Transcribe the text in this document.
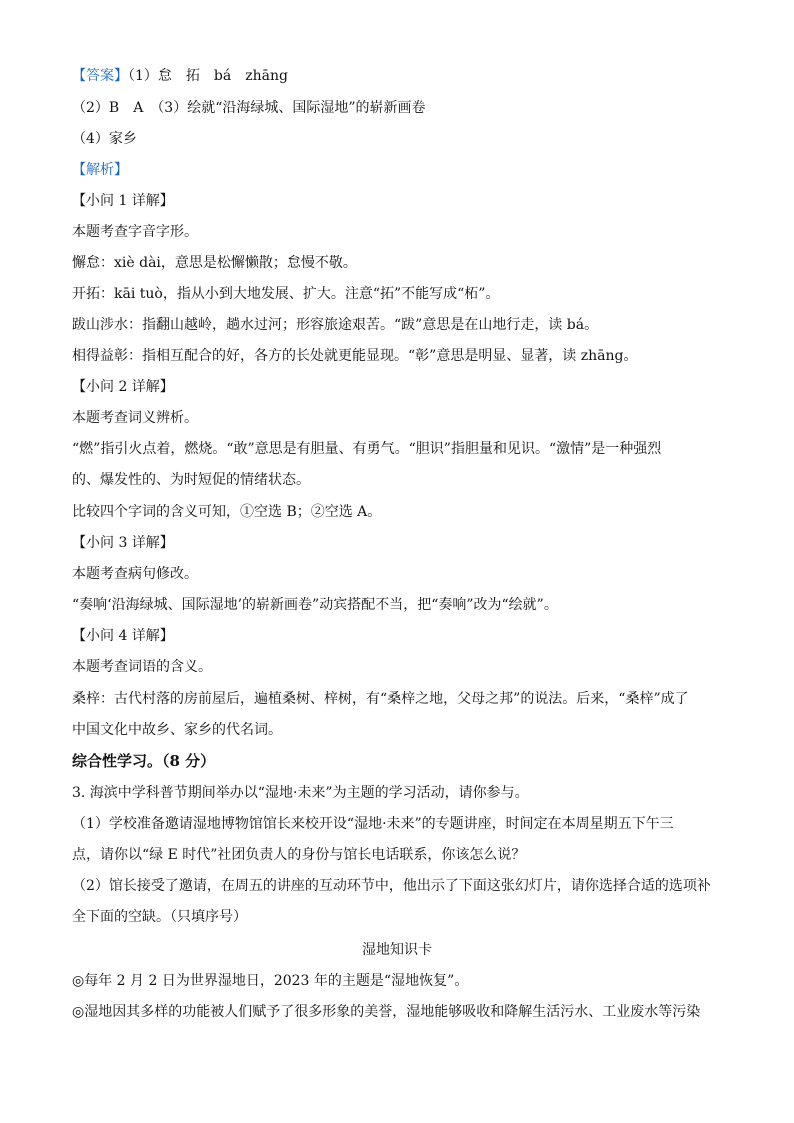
【答案】（1）怠　拓　bá　zhāng
（2）B　A　（3）绘就“沿海绿城、国际湿地”的崭新画卷
（4）家乡
【解析】
【小问 1 详解】
本题考查字音字形。
懈怠：xiè dài，意思是松懈懒散；怠慢不敬。
开拓：kāi tuò，指从小到大地发展、扩大。注意“拓”不能写成“柘”。
跋山涉水：指翻山越岭，趟水过河；形容旅途艰苦。“跋”意思是在山地行走，读 bá。
相得益彰：指相互配合的好，各方的长处就更能显现。“彰”意思是明显、显著，读 zhāng。
【小问 2 详解】
本题考查词义辨析。
“燃”指引火点着，燃烧。“敢”意思是有胆量、有勇气。“胆识”指胆量和见识。“激情”是一种强烈
的、爆发性的、为时短促的情绪状态。
比较四个字词的含义可知，①空选 B；②空选 A。
【小问 3 详解】
本题考查病句修改。
“奏响‘沿海绿城、国际湿地’的崭新画卷”动宾搭配不当，把“奏响”改为“绘就”。
【小问 4 详解】
本题考查词语的含义。
桑梓：古代村落的房前屋后，遍植桑树、梓树，有“桑梓之地，父母之邦”的说法。后来，“桑梓”成了
中国文化中故乡、家乡的代名词。
综合性学习。（8 分）
3. 海滨中学科普节期间举办以“湿地·未来”为主题的学习活动，请你参与。
（1）学校准备邀请湿地博物馆馆长来校开设“湿地·未来”的专题讲座，时间定在本周星期五下午三
点，请你以“绿 E 时代”社团负责人的身份与馆长电话联系，你该怎么说？
（2）馆长接受了邀请，在周五的讲座的互动环节中，他出示了下面这张幻灯片，请你选择合适的选项补
全下面的空缺。（只填序号）
湿地知识卡
◎每年 2 月 2 日为世界湿地日，2023 年的主题是“湿地恢复”。
◎湿地因其多样的功能被人们赋予了很多形象的美誉，湿地能够吸收和降解生活污水、工业废水等污染
